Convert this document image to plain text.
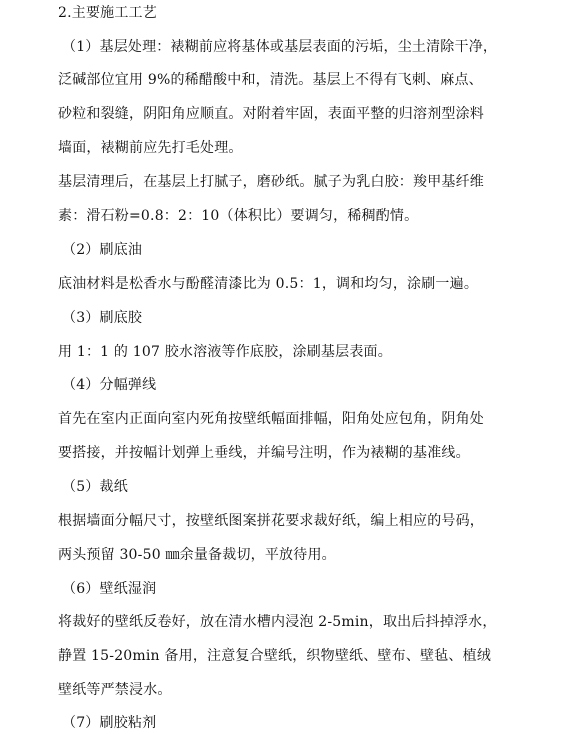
2.主要施工工艺
（1）基层处理：裱糊前应将基体或基层表面的污垢，尘土清除干净，
泛碱部位宜用 9%的稀醋酸中和，清洗。基层上不得有飞刺、麻点、
砂粒和裂缝，阴阳角应顺直。对附着牢固，表面平整的归溶剂型涂料
墙面，裱糊前应先打毛处理。
基层清理后，在基层上打腻子，磨砂纸。腻子为乳白胶：羧甲基纤维
素：滑石粉=0.8：2：10（体积比）要调匀，稀稠酌情。
（2）刷底油
底油材料是松香水与酚醛清漆比为 0.5：1，调和均匀，涂刷一遍。
（3）刷底胶
用 1：1 的 107 胶水溶液等作底胶，涂刷基层表面。
（4）分幅弹线
首先在室内正面向室内死角按壁纸幅面排幅，阳角处应包角，阴角处
要搭接，并按幅计划弹上垂线，并编号注明，作为裱糊的基准线。
（5）裁纸
根据墙面分幅尺寸，按壁纸图案拼花要求裁好纸，编上相应的号码，
两头预留 30-50 ㎜余量备裁切，平放待用。
（6）壁纸湿润
将裁好的壁纸反卷好，放在清水槽内浸泡 2-5min，取出后抖掉浮水，
静置 15-20min 备用，注意复合壁纸，织物壁纸、壁布、壁毡、植绒
壁纸等严禁浸水。
（7）刷胶粘剂
